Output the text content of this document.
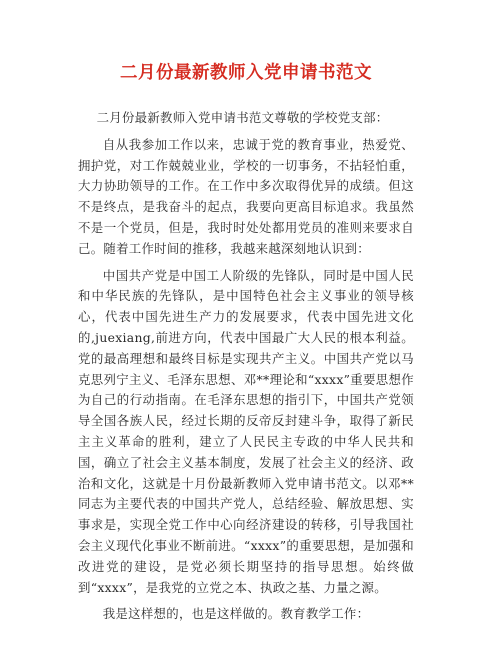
二月份最新教师入党申请书范文

二月份最新教师入党申请书范文尊敬的学校党支部：

自从我参加工作以来，忠诚于党的教育事业，热爱党、拥护党，对工作兢兢业业，学校的一切事务，不拈轻怕重，大力协助领导的工作。在工作中多次取得优异的成绩。但这不是终点，是我奋斗的起点，我要向更高目标追求。我虽然不是一个党员，但是，我时时处处都用党员的准则来要求自己。随着工作时间的推移，我越来越深刻地认识到：

中国共产党是中国工人阶级的先锋队，同时是中国人民和中华民族的先锋队，是中国特色社会主义事业的领导核心，代表中国先进生产力的发展要求，代表中国先进文化的,juexiang,前进方向，代表中国最广大人民的根本利益。党的最高理想和最终目标是实现共产主义。中国共产党以马克思列宁主义、毛泽东思想、邓**理论和“xxxx”重要思想作为自己的行动指南。在毛泽东思想的指引下，中国共产党领导全国各族人民，经过长期的反帝反封建斗争，取得了新民主主义革命的胜利，建立了人民民主专政的中华人民共和国，确立了社会主义基本制度，发展了社会主义的经济、政治和文化，这就是十月份最新教师入党申请书范文。以邓**同志为主要代表的中国共产党人，总结经验、解放思想、实事求是，实现全党工作中心向经济建设的转移，引导我国社会主义现代化事业不断前进。“xxxx”的重要思想，是加强和改进党的建设，是党必须长期坚持的指导思想。始终做到“xxxx”，是我党的立党之本、执政之基、力量之源。

我是这样想的，也是这样做的。教育教学工作：
